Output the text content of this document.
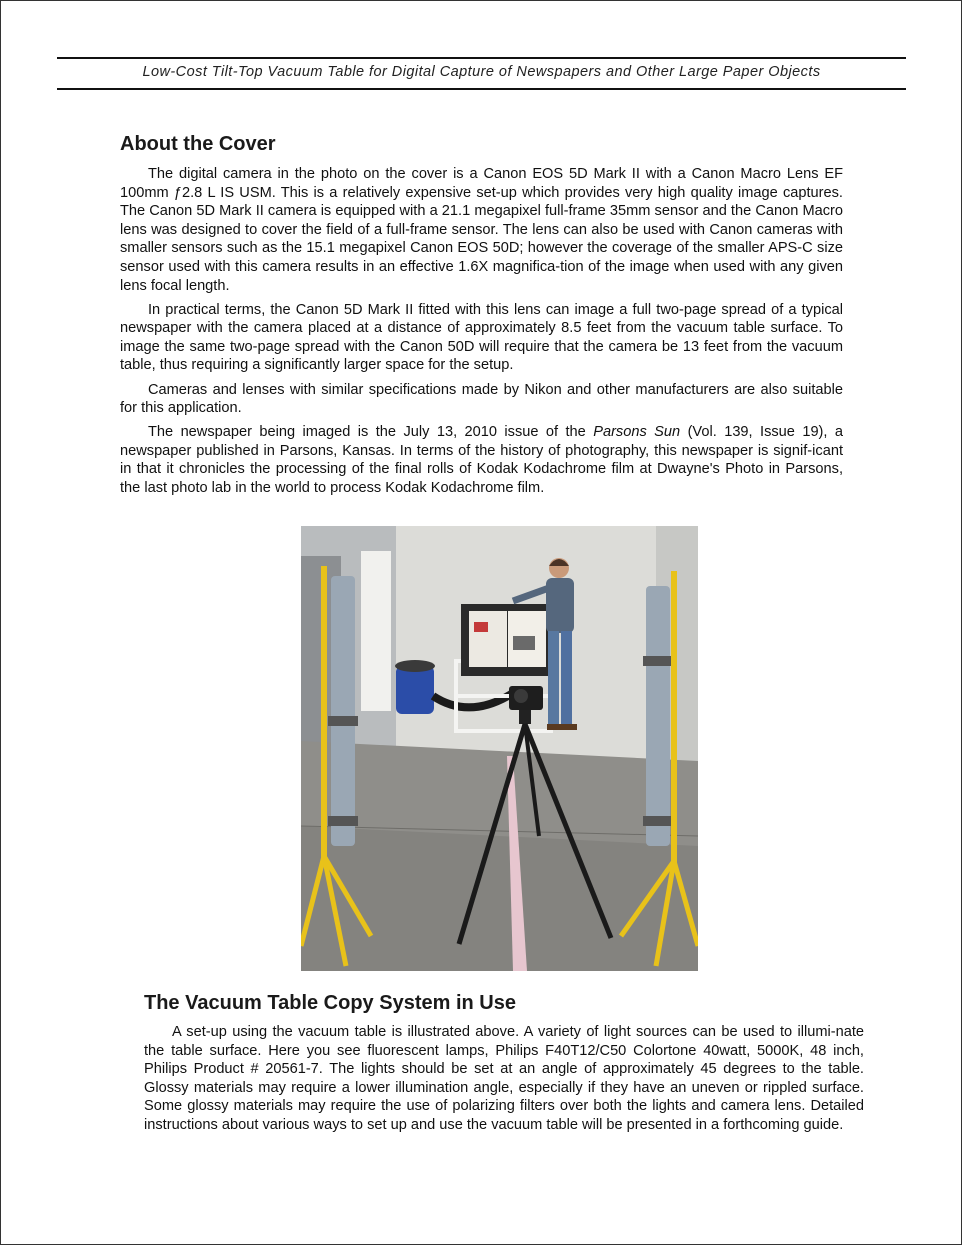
Low-Cost Tilt-Top Vacuum Table for Digital Capture of Newspapers and Other Large Paper Objects
About the Cover

The digital camera in the photo on the cover is a Canon EOS 5D Mark II with a Canon Macro Lens EF 100mm ƒ2.8 L IS USM. This is a relatively expensive set-up which provides very high quality image captures. The Canon 5D Mark II camera is equipped with a 21.1 megapixel full-frame 35mm sensor and the Canon Macro lens was designed to cover the field of a full-frame sensor. The lens can also be used with Canon cameras with smaller sensors such as the 15.1 megapixel Canon EOS 50D; however the coverage of the smaller APS-C size sensor used with this camera results in an effective 1.6X magnifica-tion of the image when used with any given lens focal length.

In practical terms, the Canon 5D Mark II fitted with this lens can image a full two-page spread of a typical newspaper with the camera placed at a distance of approximately 8.5 feet from the vacuum table surface. To image the same two-page spread with the Canon 50D will require that the camera be 13 feet from the vacuum table, thus requiring a significantly larger space for the setup.

Cameras and lenses with similar specifications made by Nikon and other manufacturers are also suitable for this application.

The newspaper being imaged is the July 13, 2010 issue of the Parsons Sun (Vol. 139, Issue 19), a newspaper published in Parsons, Kansas. In terms of the history of photography, this newspaper is signif-icant in that it chronicles the processing of the final rolls of Kodak Kodachrome film at Dwayne's Photo in Parsons, the last photo lab in the world to process Kodak Kodachrome film.

The Vacuum Table Copy System in Use

A set-up using the vacuum table is illustrated above. A variety of light sources can be used to illumi-nate the table surface. Here you see fluorescent lamps, Philips F40T12/C50 Colortone 40watt, 5000K, 48 inch, Philips Product # 20561-7. The lights should be set at an angle of approximately 45 degrees to the table. Glossy materials may require a lower illumination angle, especially if they have an uneven or rippled surface. Some glossy materials may require the use of polarizing filters over both the lights and camera lens. Detailed instructions about various ways to set up and use the vacuum table will be presented in a forthcoming guide.
